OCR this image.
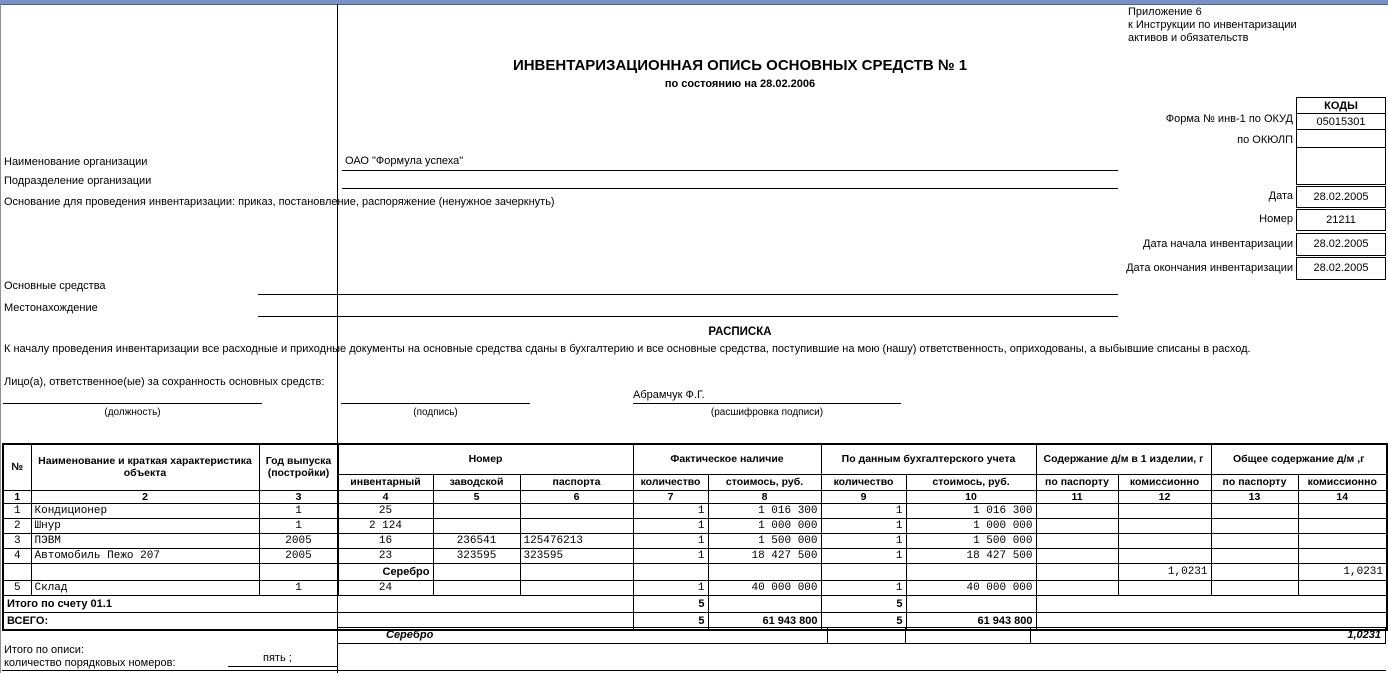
Приложение 6
к Инструкции по инвентаризации
активов и обязательств
ИНВЕНТАРИЗАЦИОННАЯ ОПИСЬ ОСНОВНЫХ СРЕДСТВ № 1
по состоянию на 28.02.2006
КОДЫ
05015301
Форма № инв-1 по ОКУД
по ОКЮЛП
Наименование организации	ОАО "Формула успеха"
Подразделение организации
Основание для проведения инвентаризации: приказ, постановление, распоряжение (ненужное зачеркнуть)	Дата	28.02.2005
Номер	21211
Дата начала инвентаризации	28.02.2005
Дата окончания инвентаризации	28.02.2005
Основные средства
Местонахождение
РАСПИСКА
К началу проведения инвентаризации все расходные и приходные документы на основные средства сданы в бухгалтерию и все основные средства, поступившие на мою (нашу) ответственность, оприходованы, а выбывшие списаны в расход.
Лицо(а), ответственное(ые) за сохранность основных средств:
Абрамчук Ф.Г.
(должность)	(подпись)	(расшифровка подписи)
№	Наименование и краткая характеристика объекта	Год выпуска (постройки)	Номер			Фактическое наличие		По данным бухгалтерского учета		Содержание д/м в 1 изделии, г		Общее содержание д/м ,г	
			инвентарный	заводской	паспорта	количество	стоимось, руб.	количество	стоимось, руб.	по паспорту	комиссионно	по паспорту	комиссионно
1	2	3	4	5	6	7	8	9	10	11	12	13	14
1	Кондиционер	1	25			1	1 016 300	1	1 016 300				
2	Шнур	1	2 124			1	1 000 000	1	1 000 000				
3	ПЭВМ	2005	16	236541	125476213	1	1 500 000	1	1 500 000				
4	Автомобиль Пежо 207	2005	23	323595	323595	1	18 427 500	1	18 427 500				
			Серебро								1,0231		1,0231
5	Склад	1	24			1	40 000 000	1	40 000 000				
Итого по счету 01.1						5		5					
ВСЕГО:						5	61 943 800	5	61 943 800				
Серебро	1,0231
Итого по описи:
количество порядковых номеров:	пять ;
